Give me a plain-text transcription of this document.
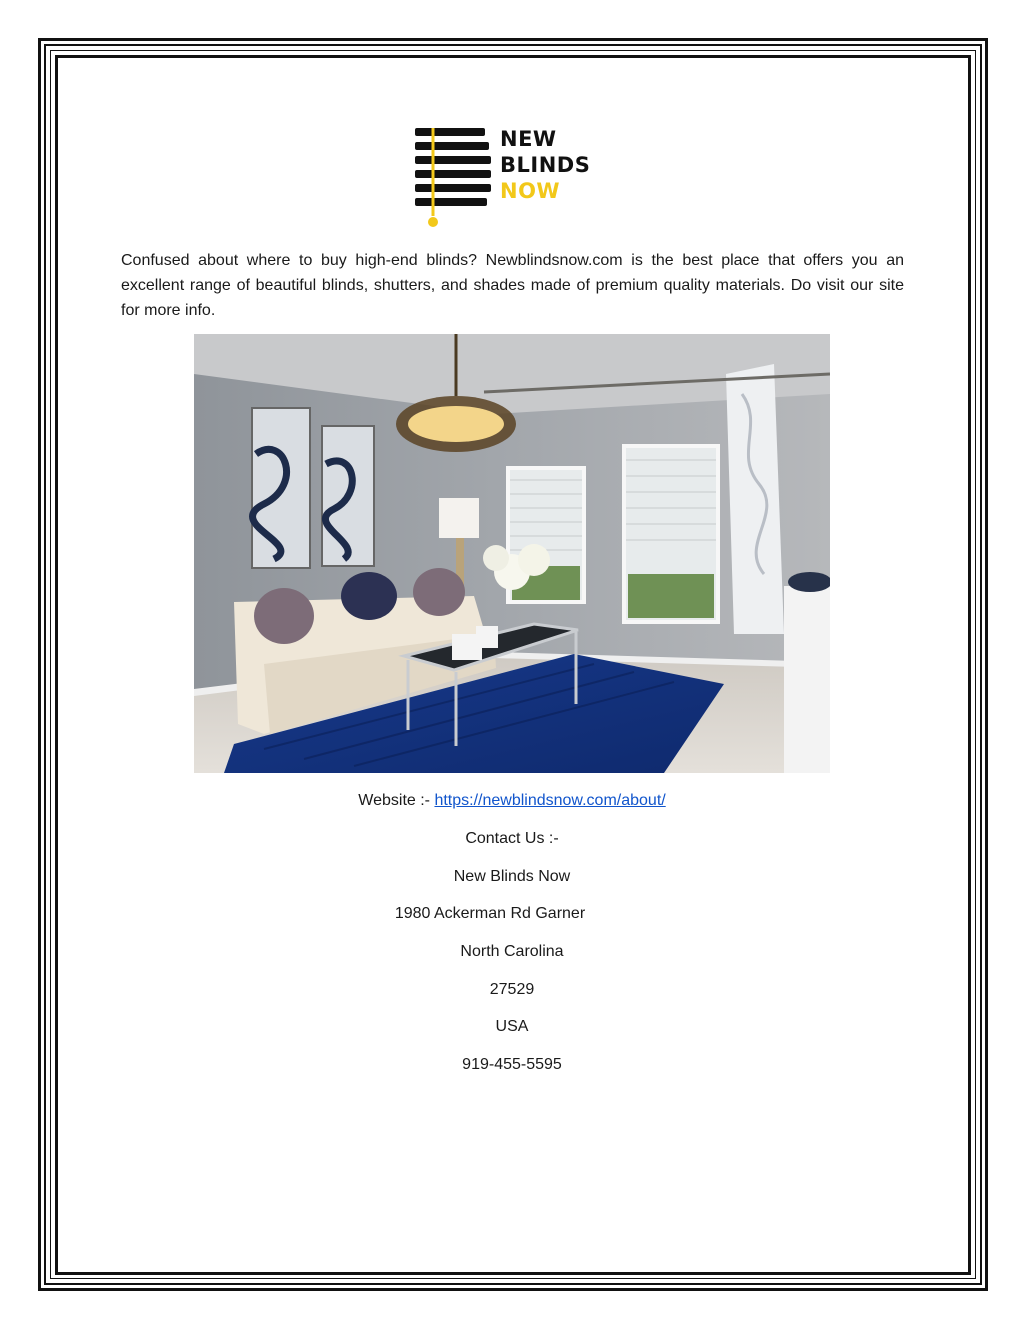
NEW
BLINDS
NOW
Confused about where to buy high-end blinds? Newblindsnow.com is the best place that offers you an excellent range of beautiful blinds, shutters, and shades made of premium quality materials. Do visit our site for more info.
Website :- https://newblindsnow.com/about/
Contact Us :-
New Blinds Now
1980 Ackerman Rd Garner
North Carolina
27529
USA
919-455-5595
